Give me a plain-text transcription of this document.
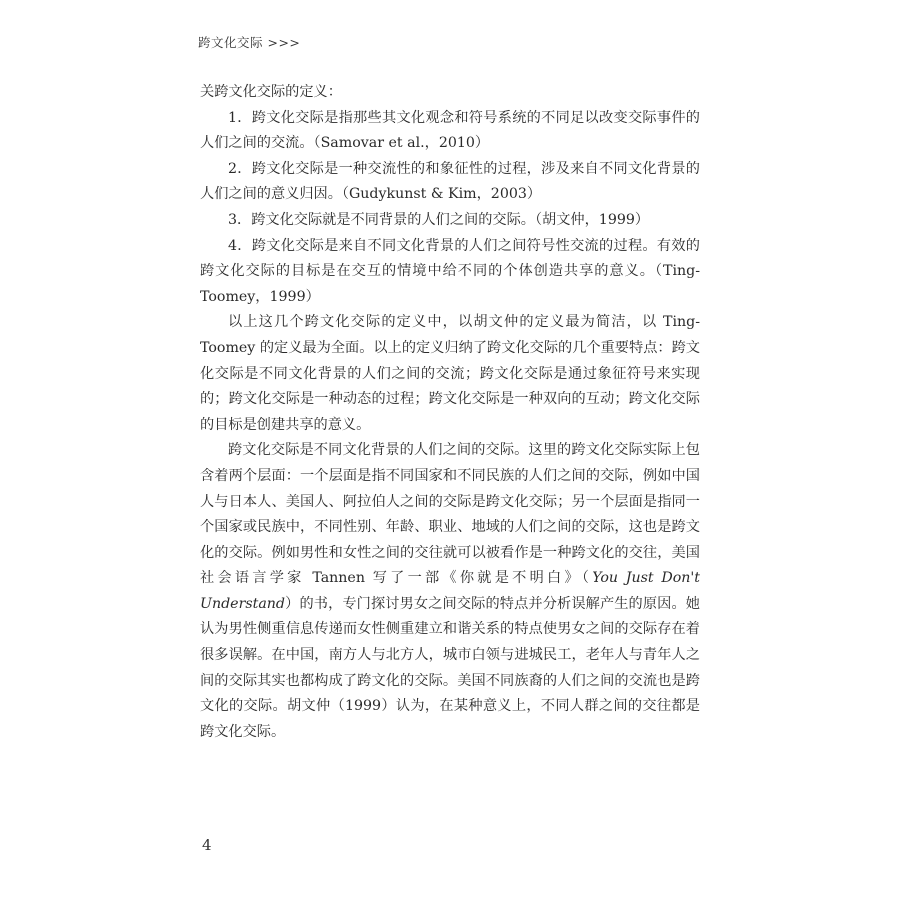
跨文化交际 >>>

关跨文化交际的定义：

1．跨文化交际是指那些其文化观念和符号系统的不同足以改变交际事件的人们之间的交流。（Samovar et al.，2010）

2．跨文化交际是一种交流性的和象征性的过程，涉及来自不同文化背景的人们之间的意义归因。（Gudykunst & Kim，2003）

3．跨文化交际就是不同背景的人们之间的交际。（胡文仲，1999）

4．跨文化交际是来自不同文化背景的人们之间符号性交流的过程。有效的跨文化交际的目标是在交互的情境中给不同的个体创造共享的意义。（Ting-Toomey，1999）

以上这几个跨文化交际的定义中，以胡文仲的定义最为简洁，以 Ting-Toomey 的定义最为全面。以上的定义归纳了跨文化交际的几个重要特点：跨文化交际是不同文化背景的人们之间的交流；跨文化交际是通过象征符号来实现的；跨文化交际是一种动态的过程；跨文化交际是一种双向的互动；跨文化交际的目标是创建共享的意义。

跨文化交际是不同文化背景的人们之间的交际。这里的跨文化交际实际上包含着两个层面：一个层面是指不同国家和不同民族的人们之间的交际，例如中国人与日本人、美国人、阿拉伯人之间的交际是跨文化交际；另一个层面是指同一个国家或民族中，不同性别、年龄、职业、地域的人们之间的交际，这也是跨文化的交际。例如男性和女性之间的交往就可以被看作是一种跨文化的交往，美国社会语言学家 Tannen 写了一部《你就是不明白》（You Just Don't Understand）的书，专门探讨男女之间交际的特点并分析误解产生的原因。她认为男性侧重信息传递而女性侧重建立和谐关系的特点使男女之间的交际存在着很多误解。在中国，南方人与北方人，城市白领与进城民工，老年人与青年人之间的交际其实也都构成了跨文化的交际。美国不同族裔的人们之间的交流也是跨文化的交际。胡文仲（1999）认为，在某种意义上，不同人群之间的交往都是跨文化交际。

4
